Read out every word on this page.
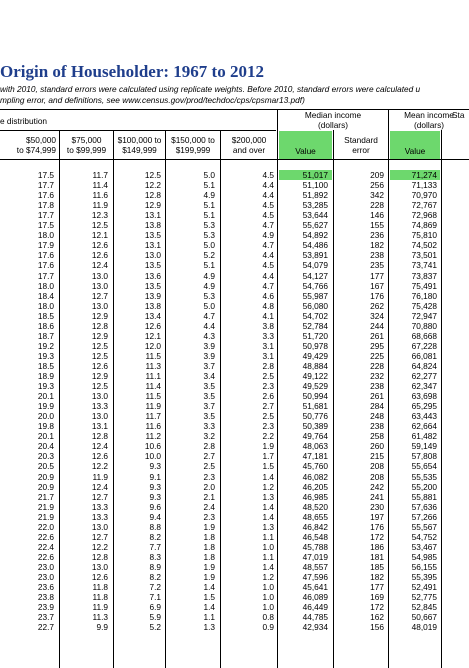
Origin of Householder: 1967 to 2012
with 2010, standard errors were calculated using replicate weights. Before 2010, standard errors were calculated u
mpling error, and definitions, see www.census.gov/prod/techdoc/cps/cpsmar13.pdf)
e distribution
Median income
(dollars)
Mean income
(dollars)
Sta
$50,000
to $74,999
$75,000
to $99,999
$100,000 to
$149,999
$150,000 to
$199,999
$200,000
and over	Value
Standard
error	Value
17.5	11.7	12.5	5.0	4.5	51,017	209	71,274
17.7	11.4	12.2	5.1	4.4	51,100	256	71,133
17.6	11.6	12.8	4.9	4.4	51,892	342	70,970
17.8	11.9	12.9	5.1	4.5	53,285	228	72,767
17.7	12.3	13.1	5.1	4.5	53,644	146	72,968
17.5	12.5	13.8	5.3	4.7	55,627	155	74,869
18.0	12.1	13.5	5.3	4.9	54,892	236	75,810
17.9	12.6	13.1	5.0	4.7	54,486	182	74,502
17.6	12.6	13.0	5.2	4.4	53,891	238	73,501
17.6	12.4	13.5	5.1	4.5	54,079	235	73,741
17.7	13.0	13.6	4.9	4.4	54,127	177	73,837
18.0	13.0	13.5	4.9	4.7	54,766	167	75,491
18.4	12.7	13.9	5.3	4.6	55,987	176	76,180
18.0	13.0	13.8	5.0	4.8	56,080	262	75,428
18.5	12.9	13.4	4.7	4.1	54,702	324	72,947
18.6	12.8	12.6	4.4	3.8	52,784	244	70,880
18.7	12.9	12.1	4.3	3.3	51,720	261	68,668
19.2	12.5	12.0	3.9	3.1	50,978	295	67,228
19.3	12.5	11.5	3.9	3.1	49,429	225	66,081
18.5	12.6	11.3	3.7	2.8	48,884	228	64,824
18.9	12.9	11.1	3.4	2.5	49,122	232	62,277
19.3	12.5	11.4	3.5	2.3	49,529	238	62,347
20.1	13.0	11.5	3.5	2.6	50,994	261	63,698
19.9	13.3	11.9	3.7	2.7	51,681	284	65,295
20.0	13.0	11.7	3.5	2.5	50,776	248	63,443
19.8	13.1	11.6	3.3	2.3	50,389	238	62,664
20.1	12.8	11.2	3.2	2.2	49,764	258	61,482
20.4	12.4	10.6	2.8	1.9	48,063	260	59,149
20.3	12.6	10.0	2.7	1.7	47,181	215	57,808
20.5	12.2	9.3	2.5	1.5	45,760	208	55,654
20.9	11.9	9.1	2.3	1.4	46,082	208	55,535
20.9	12.4	9.3	2.0	1.2	46,205	242	55,200
21.7	12.7	9.3	2.1	1.3	46,985	241	55,881
21.9	13.3	9.6	2.4	1.4	48,520	230	57,636
21.9	13.3	9.4	2.3	1.4	48,655	197	57,266
22.0	13.0	8.8	1.9	1.3	46,842	176	55,567
22.6	12.7	8.2	1.8	1.1	46,548	172	54,752
22.4	12.2	7.7	1.8	1.0	45,788	186	53,467
22.6	12.8	8.3	1.8	1.1	47,019	181	54,985
23.0	13.0	8.9	1.9	1.4	48,557	185	56,155
23.0	12.6	8.2	1.9	1.2	47,596	182	55,395
23.6	11.8	7.2	1.4	1.0	45,641	177	52,491
23.8	11.8	7.1	1.5	1.0	46,089	169	52,775
23.9	11.9	6.9	1.4	1.0	46,449	172	52,845
23.7	11.3	5.9	1.1	0.8	44,785	162	50,667
22.7	9.9	5.2	1.3	0.9	42,934	156	48,019
